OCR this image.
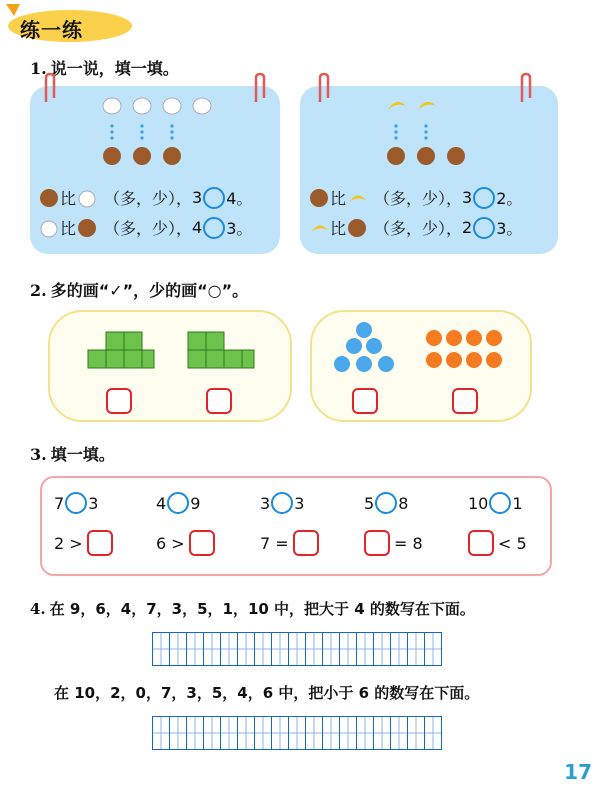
练一练
1. 说一说，填一填。
比 （多，少）， 3 4。
比 （多，少）， 4 3。
比 （多，少）， 3 2。
比 （多，少）， 2 3。
2. 多的画“✓”，少的画“○”。
3. 填一填。
7 3	4 9	3 3	5 8	10 1
2 >	6 >	7 =	= 8	< 5
4. 在 9，6，4，7，3，5，1，10 中，把大于 4 的数写在下面。
在 10，2，0，7，3，5，4，6 中，把小于 6 的数写在下面。
17
